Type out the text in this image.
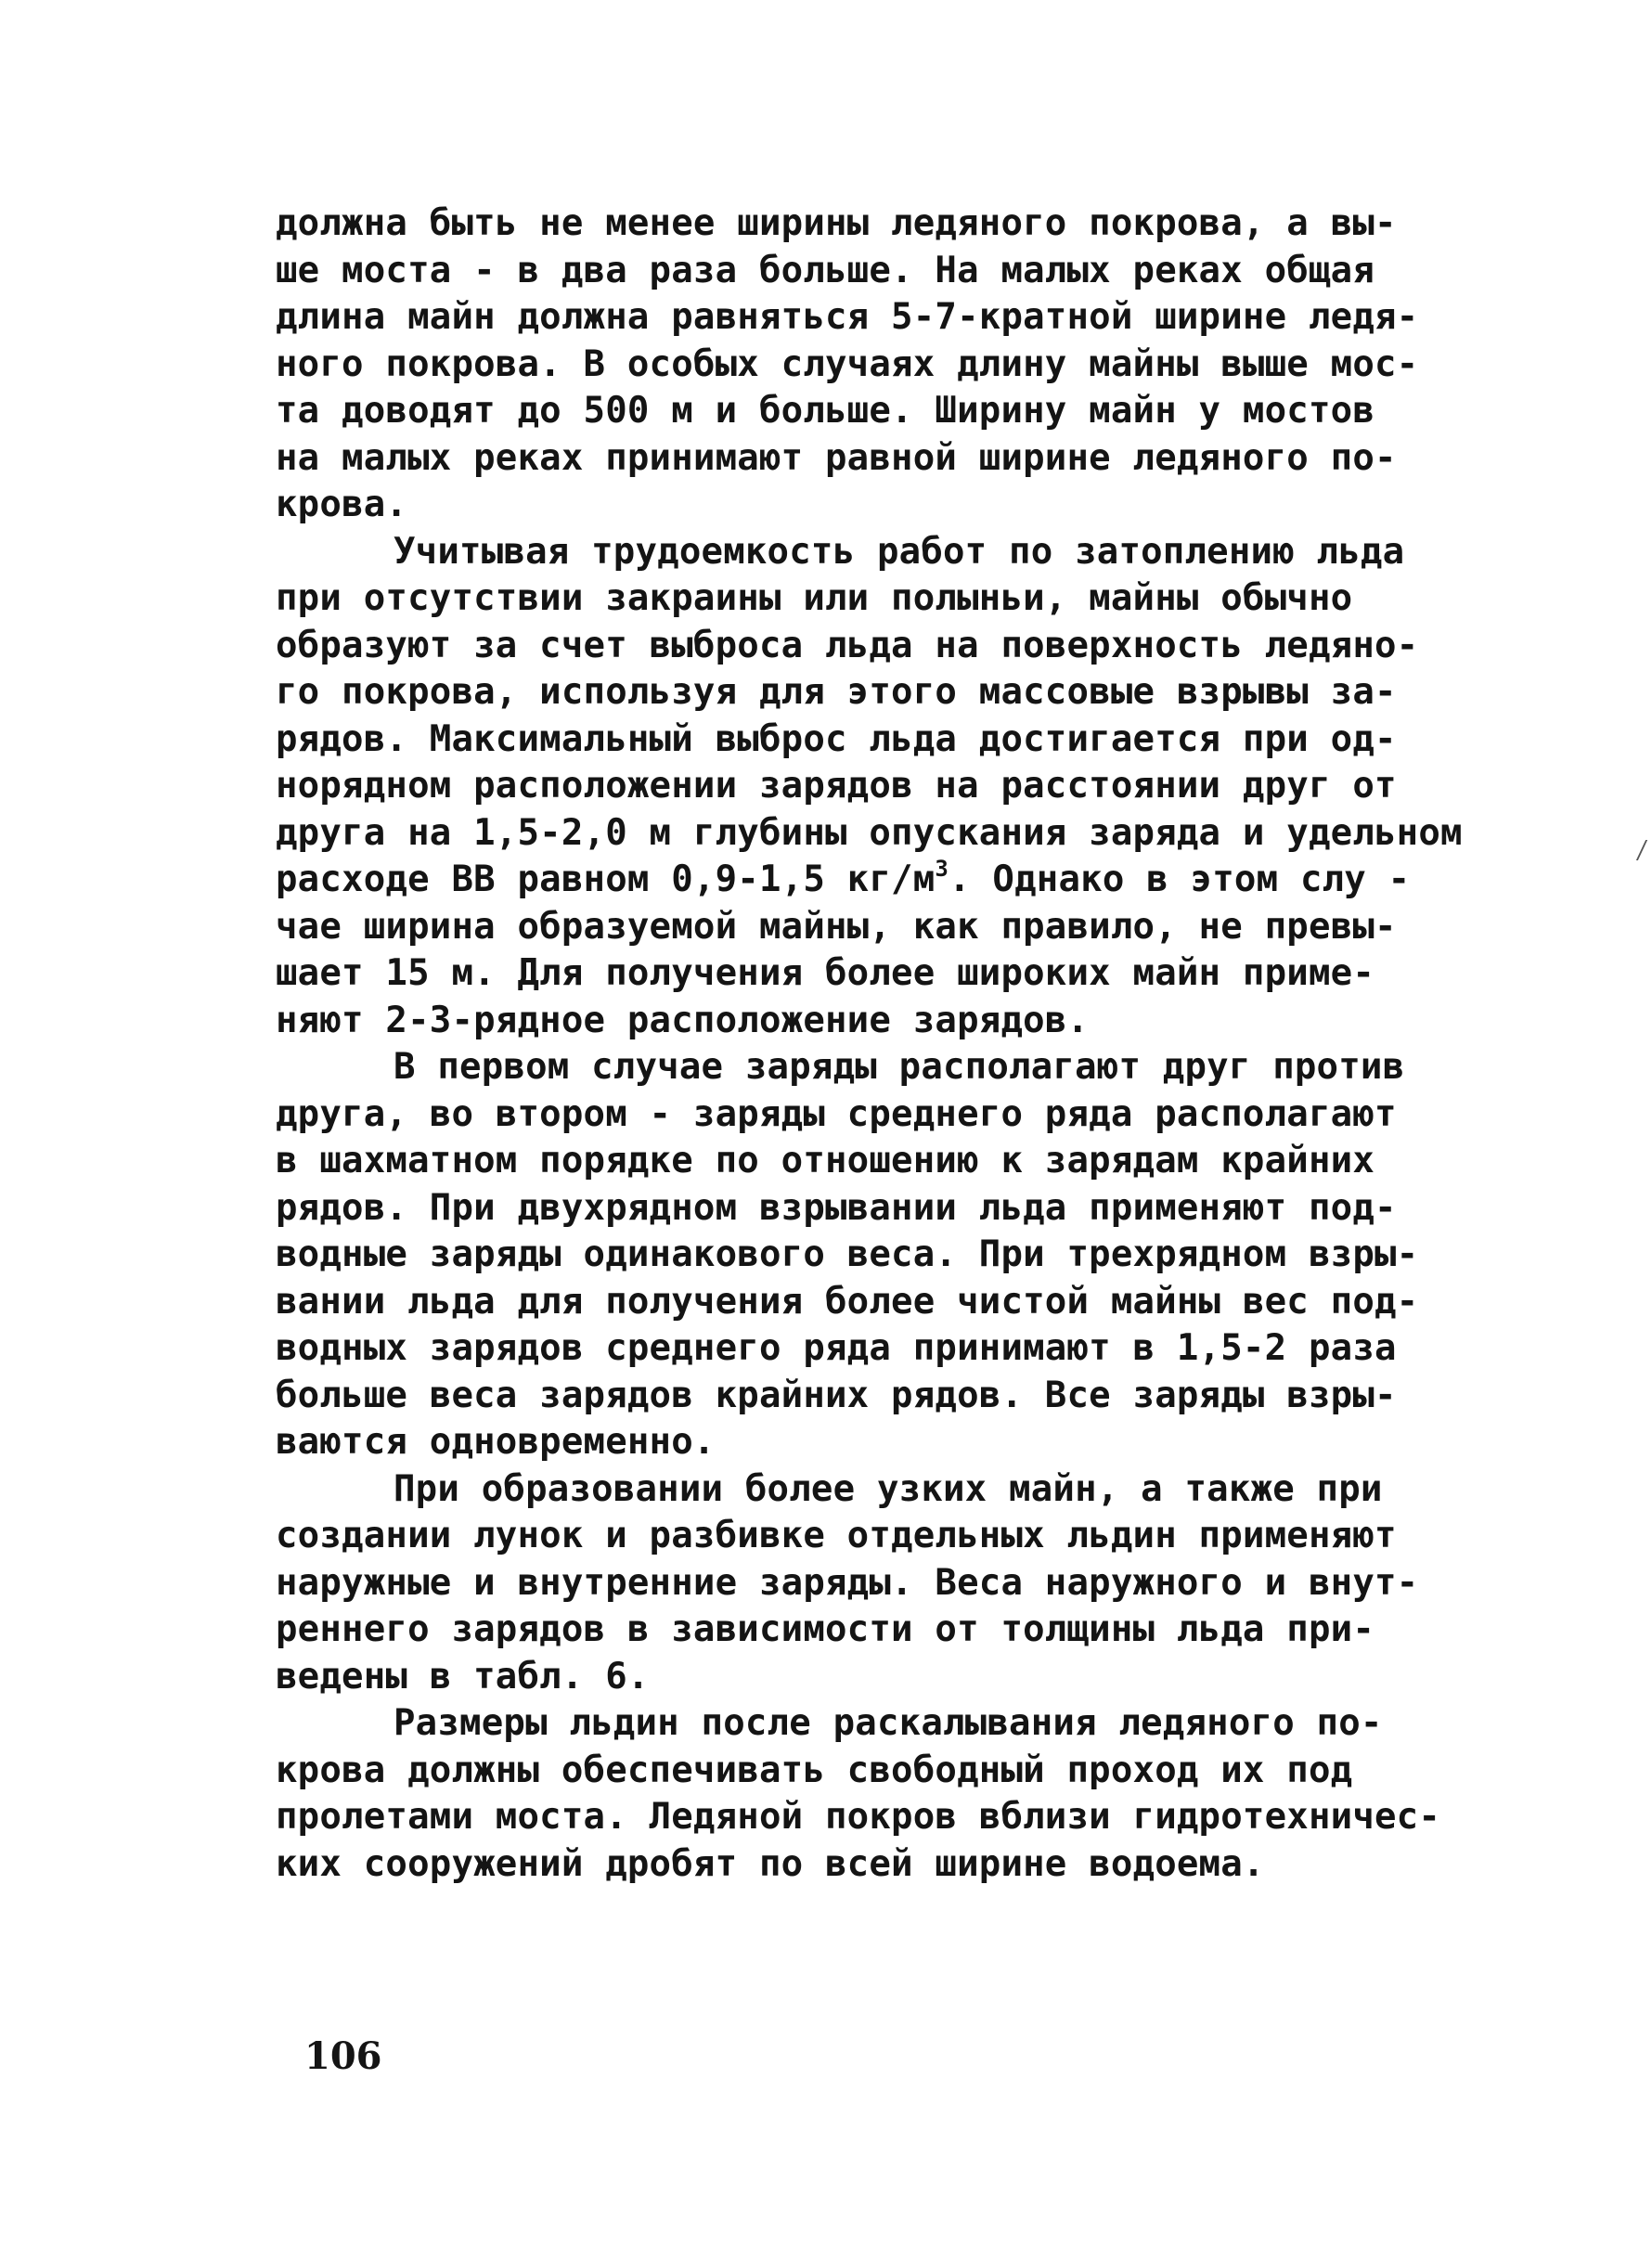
должна быть не менее ширины ледяного покрова, а вы-
ше моста - в два раза больше. На малых реках общая
длина майн должна равняться 5-7-кратной ширине ледя-
ного покрова. В особых случаях длину майны выше мос-
та доводят до 500 м и больше. Ширину майн у мостов
на малых реках принимают равной ширине ледяного по-
крова.
Учитывая трудоемкость работ по затоплению льда
при отсутствии закраины или полыньи, майны обычно
образуют за счет выброса льда на поверхность ледяно-
го покрова, используя для этого массовые взрывы за-
рядов. Максимальный выброс льда достигается при од-
норядном расположении зарядов на расстоянии друг от
друга на 1,5-2,0 м глубины опускания заряда и удельном
расходе ВВ равном 0,9-1,5 $кг/м^3$. Однако в этом слу -
чае ширина образуемой майны, как правило, не превы-
шает 15 м. Для получения более широких майн приме-
няют 2-3-рядное расположение зарядов.
В первом случае заряды располагают друг против
друга, во втором - заряды среднего ряда располагают
в шахматном порядке по отношению к зарядам крайних
рядов. При двухрядном взрывании льда применяют под-
водные заряды одинакового веса. При трехрядном взры-
вании льда для получения более чистой майны вес под-
водных зарядов среднего ряда принимают в 1,5-2 раза
больше веса зарядов крайних рядов. Все заряды взры-
ваются одновременно.
При образовании более узких майн, а также при
создании лунок и разбивке отдельных льдин применяют
наружные и внутренние заряды. Веса наружного и внут-
реннего зарядов в зависимости от толщины льда при-
ведены в табл. 6.
Размеры льдин после раскалывания ледяного по-
крова должны обеспечивать свободный проход их под
пролетами моста. Ледяной покров вблизи гидротехничес-
ких сооружений дробят по всей ширине водоема.
106
